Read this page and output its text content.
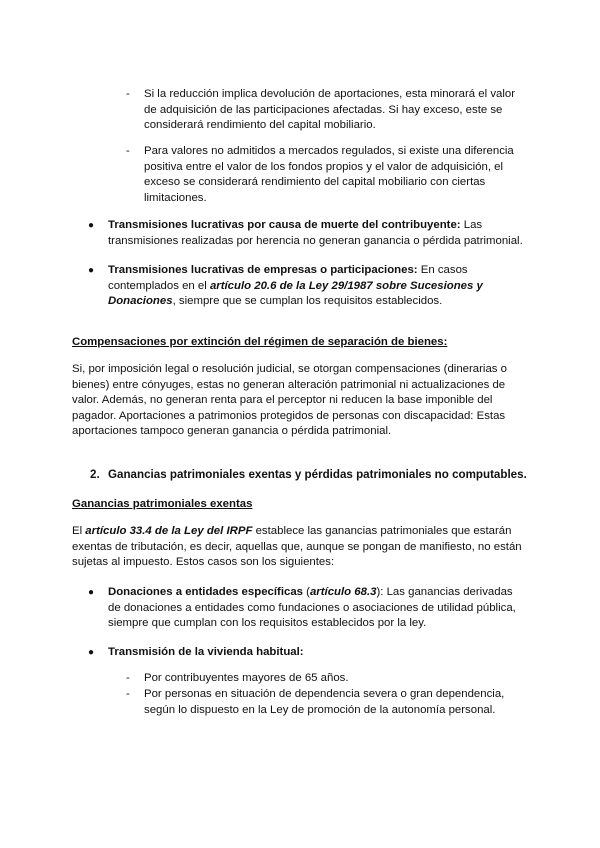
- Si la reducción implica devolución de aportaciones, esta minorará el valor de adquisición de las participaciones afectadas. Si hay exceso, este se considerará rendimiento del capital mobiliario.
- Para valores no admitidos a mercados regulados, si existe una diferencia positiva entre el valor de los fondos propios y el valor de adquisición, el exceso se considerará rendimiento del capital mobiliario con ciertas limitaciones.
● Transmisiones lucrativas por causa de muerte del contribuyente: Las transmisiones realizadas por herencia no generan ganancia o pérdida patrimonial.
● Transmisiones lucrativas de empresas o participaciones: En casos contemplados en el artículo 20.6 de la Ley 29/1987 sobre Sucesiones y Donaciones, siempre que se cumplan los requisitos establecidos.
Compensaciones por extinción del régimen de separación de bienes:
Si, por imposición legal o resolución judicial, se otorgan compensaciones (dinerarias o bienes) entre cónyuges, estas no generan alteración patrimonial ni actualizaciones de valor. Además, no generan renta para el perceptor ni reducen la base imponible del pagador. Aportaciones a patrimonios protegidos de personas con discapacidad: Estas aportaciones tampoco generan ganancia o pérdida patrimonial.
2. Ganancias patrimoniales exentas y pérdidas patrimoniales no computables.
Ganancias patrimoniales exentas
El artículo 33.4 de la Ley del IRPF establece las ganancias patrimoniales que estarán exentas de tributación, es decir, aquellas que, aunque se pongan de manifiesto, no están sujetas al impuesto. Estos casos son los siguientes:
● Donaciones a entidades específicas (artículo 68.3): Las ganancias derivadas de donaciones a entidades como fundaciones o asociaciones de utilidad pública, siempre que cumplan con los requisitos establecidos por la ley.
● Transmisión de la vivienda habitual:
- Por contribuyentes mayores de 65 años.
- Por personas en situación de dependencia severa o gran dependencia, según lo dispuesto en la Ley de promoción de la autonomía personal.
